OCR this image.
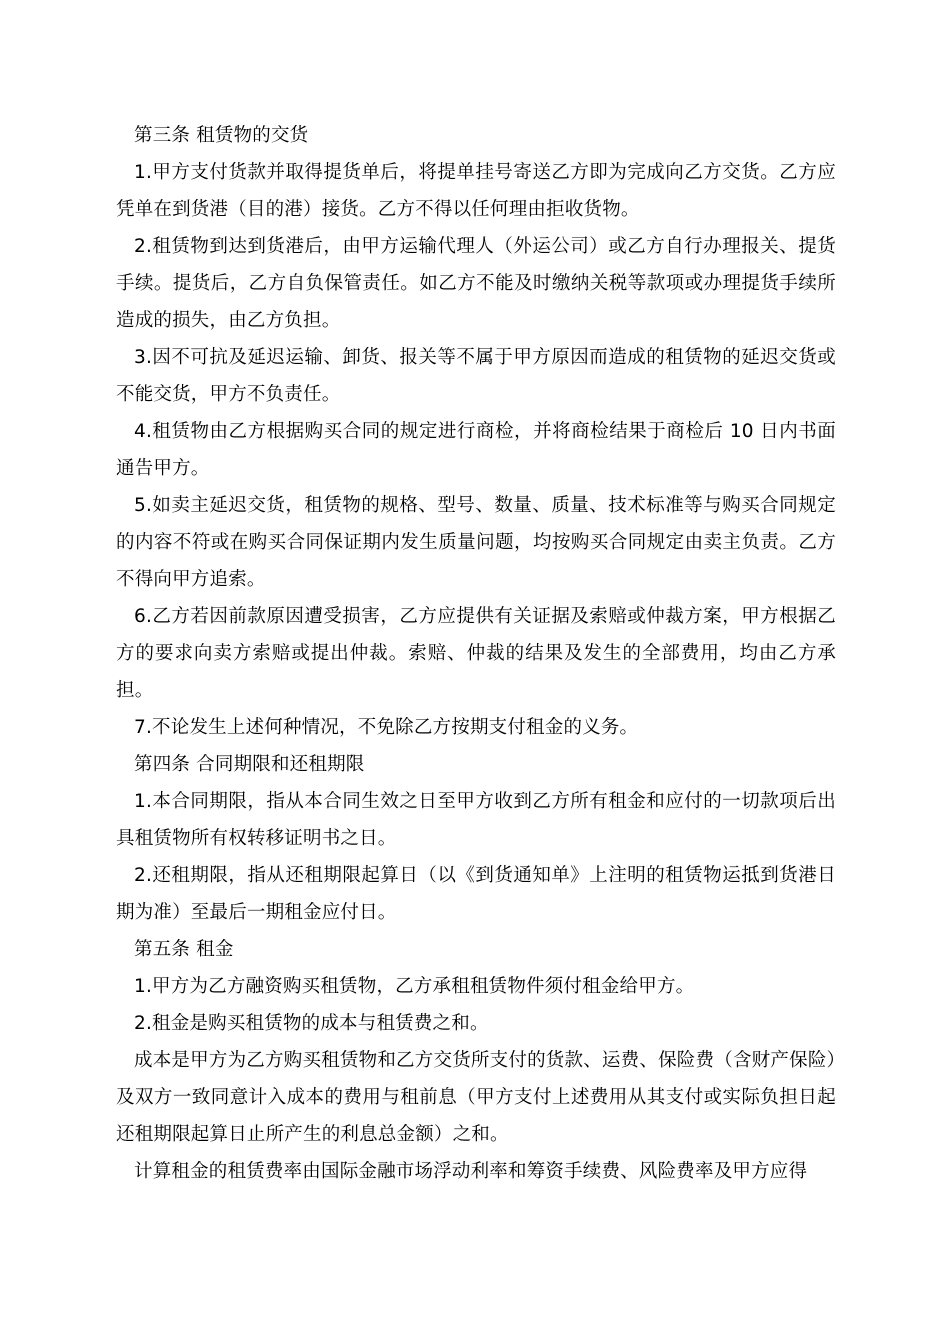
第三条 租赁物的交货

1.甲方支付货款并取得提货单后，将提单挂号寄送乙方即为完成向乙方交货。乙方应凭单在到货港（目的港）接货。乙方不得以任何理由拒收货物。

2.租赁物到达到货港后，由甲方运输代理人（外运公司）或乙方自行办理报关、提货手续。提货后，乙方自负保管责任。如乙方不能及时缴纳关税等款项或办理提货手续所造成的损失，由乙方负担。

3.因不可抗及延迟运输、卸货、报关等不属于甲方原因而造成的租赁物的延迟交货或不能交货，甲方不负责任。

4.租赁物由乙方根据购买合同的规定进行商检，并将商检结果于商检后 10 日内书面通告甲方。

5.如卖主延迟交货，租赁物的规格、型号、数量、质量、技术标准等与购买合同规定的内容不符或在购买合同保证期内发生质量问题，均按购买合同规定由卖主负责。乙方不得向甲方追索。

6.乙方若因前款原因遭受损害，乙方应提供有关证据及索赔或仲裁方案，甲方根据乙方的要求向卖方索赔或提出仲裁。索赔、仲裁的结果及发生的全部费用，均由乙方承担。

7.不论发生上述何种情况，不免除乙方按期支付租金的义务。

第四条 合同期限和还租期限

1.本合同期限，指从本合同生效之日至甲方收到乙方所有租金和应付的一切款项后出具租赁物所有权转移证明书之日。

2.还租期限，指从还租期限起算日（以《到货通知单》上注明的租赁物运抵到货港日期为准）至最后一期租金应付日。

第五条 租金

1.甲方为乙方融资购买租赁物，乙方承租租赁物件须付租金给甲方。

2.租金是购买租赁物的成本与租赁费之和。

成本是甲方为乙方购买租赁物和乙方交货所支付的货款、运费、保险费（含财产保险）及双方一致同意计入成本的费用与租前息（甲方支付上述费用从其支付或实际负担日起还租期限起算日止所产生的利息总金额）之和。

计算租金的租赁费率由国际金融市场浮动利率和筹资手续费、风险费率及甲方应得
